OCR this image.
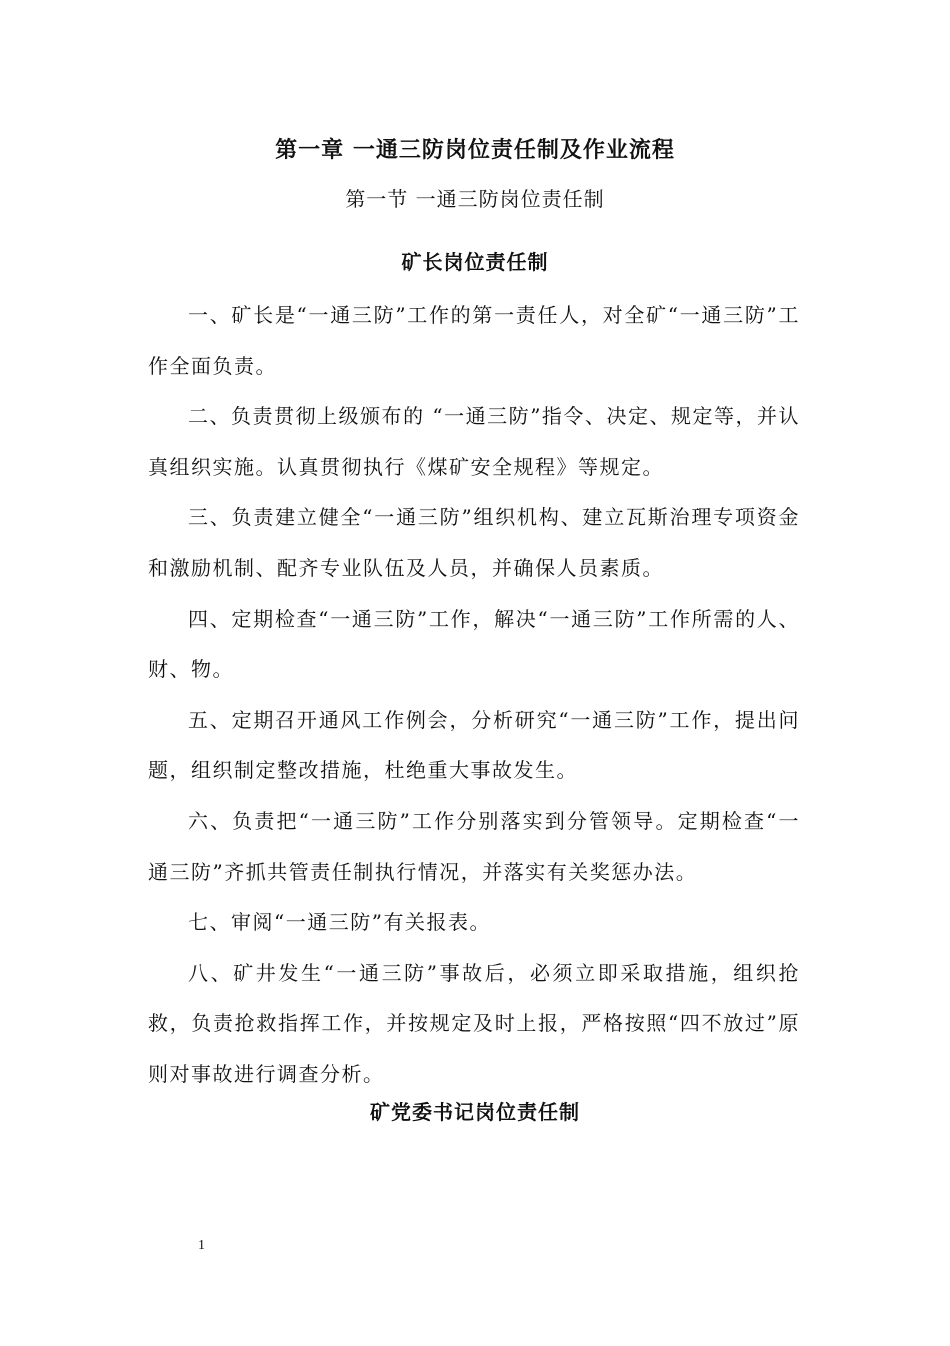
第一章 一通三防岗位责任制及作业流程
第一节 一通三防岗位责任制
矿长岗位责任制

一、矿长是“一通三防”工作的第一责任人，对全矿“一通三防”工作全面负责。

二、负责贯彻上级颁布的 “一通三防”指令、决定、规定等，并认真组织实施。认真贯彻执行《煤矿安全规程》等规定。

三、负责建立健全“一通三防”组织机构、建立瓦斯治理专项资金和激励机制、配齐专业队伍及人员，并确保人员素质。

四、定期检查“一通三防”工作，解决“一通三防”工作所需的人、财、物。

五、定期召开通风工作例会，分析研究“一通三防”工作，提出问题，组织制定整改措施，杜绝重大事故发生。

六、负责把“一通三防”工作分别落实到分管领导。定期检查“一通三防”齐抓共管责任制执行情况，并落实有关奖惩办法。

七、审阅“一通三防”有关报表。

八、矿井发生“一通三防”事故后，必须立即采取措施，组织抢救，负责抢救指挥工作，并按规定及时上报，严格按照“四不放过”原则对事故进行调查分析。

矿党委书记岗位责任制
1
